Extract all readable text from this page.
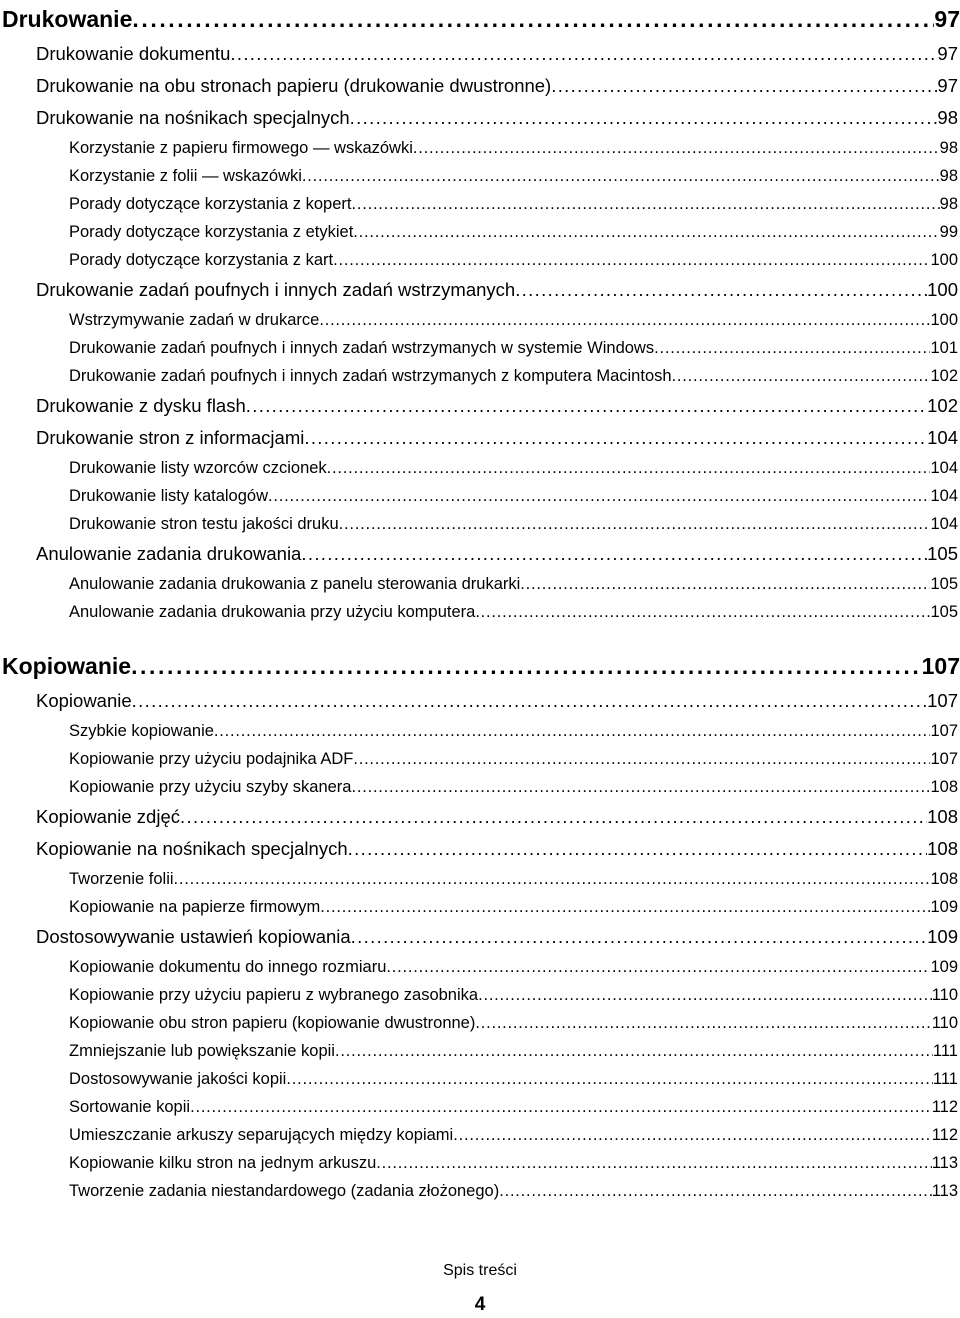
Drukowanie . . .	97
Drukowanie dokumentu . . .	97
Drukowanie na obu stronach papieru (drukowanie dwustronne) . . .	97
Drukowanie na nośnikach specjalnych . . .	98
Korzystanie z papieru firmowego — wskazówki . . .	98
Korzystanie z folii — wskazówki . . .	98
Porady dotyczące korzystania z kopert . . .	98
Porady dotyczące korzystania z etykiet . . .	99
Porady dotyczące korzystania z kart . . .	100
Drukowanie zadań poufnych i innych zadań wstrzymanych . . .	100
Wstrzymywanie zadań w drukarce . . .	100
Drukowanie zadań poufnych i innych zadań wstrzymanych w systemie Windows . . .	101
Drukowanie zadań poufnych i innych zadań wstrzymanych z komputera Macintosh . . .	102
Drukowanie z dysku flash . . .	102
Drukowanie stron z informacjami . . .	104
Drukowanie listy wzorców czcionek . . .	104
Drukowanie listy katalogów . . .	104
Drukowanie stron testu jakości druku . . .	104
Anulowanie zadania drukowania . . .	105
Anulowanie zadania drukowania z panelu sterowania drukarki . . .	105
Anulowanie zadania drukowania przy użyciu komputera . . .	105
Kopiowanie . . .	107
Kopiowanie . . .	107
Szybkie kopiowanie . . .	107
Kopiowanie przy użyciu podajnika ADF . . .	107
Kopiowanie przy użyciu szyby skanera . . .	108
Kopiowanie zdjęć . . .	108
Kopiowanie na nośnikach specjalnych . . .	108
Tworzenie folii . . .	108
Kopiowanie na papierze firmowym . . .	109
Dostosowywanie ustawień kopiowania . . .	109
Kopiowanie dokumentu do innego rozmiaru . . .	109
Kopiowanie przy użyciu papieru z wybranego zasobnika . . .	110
Kopiowanie obu stron papieru (kopiowanie dwustronne) . . .	110
Zmniejszanie lub powiększanie kopii . . .	111
Dostosowywanie jakości kopii . . .	111
Sortowanie kopii . . .	112
Umieszczanie arkuszy separujących między kopiami . . .	112
Kopiowanie kilku stron na jednym arkuszu . . .	113
Tworzenie zadania niestandardowego (zadania złożonego) . . .	113
Spis treści
4
